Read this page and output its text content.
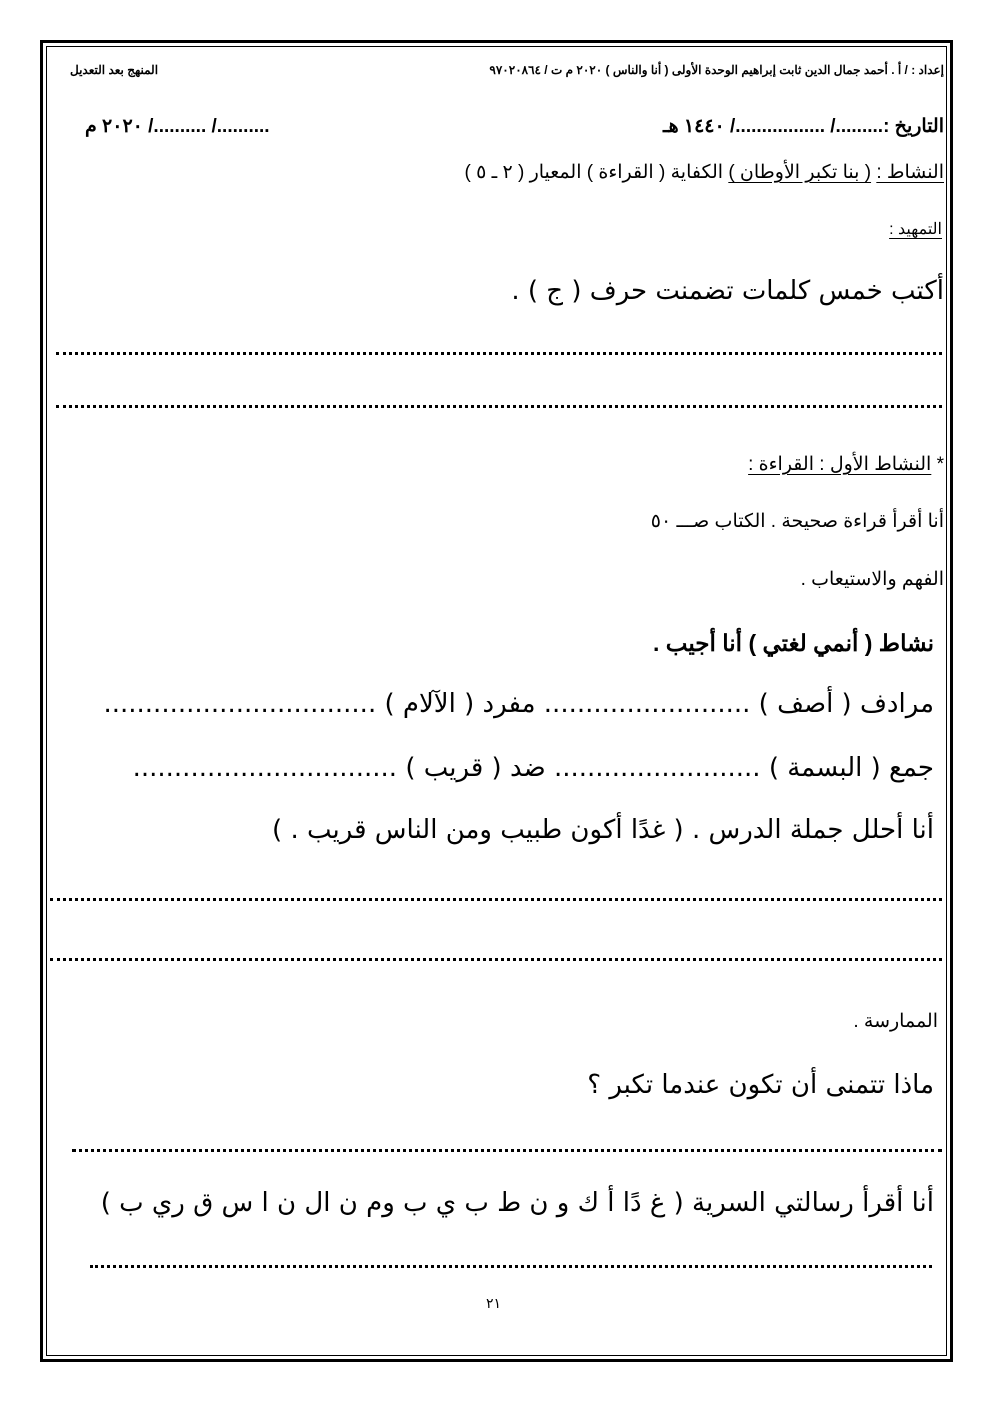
إعداد : / أ . أحمد جمال الدين ثابت إبراهيم الوحدة الأولى ( أنا والناس ) ٢٠٢٠ م ت / ٩٧٠٢٠٨٦٤
المنهج بعد التعديل
التاريخ :........./ ................./ ١٤٤٠ هـ
........../ ........../ ٢٠٢٠ م
النشاط : ( بنا تكبر الأوطان ) الكفاية ( القراءة ) المعيار ( ٢ ـ ٥ )
التمهيد :
أكتب خمس كلمات تضمنت حرف ( ج ) .
* النشاط الأول : القراءة :
أنا أقرأ قراءة صحيحة . الكتاب صـــ ٥٠
الفهم والاستيعاب .
نشاط ( أنمي لغتي ) أنا أجيب .
مرادف ( أصف ) ......................... مفرد ( الآلام ) .................................
جمع ( البسمة ) ......................... ضد ( قريب ) ................................
أنا أحلل جملة الدرس . ( غدًا أكون طبيب ومن الناس قريب . )
الممارسة .
ماذا تتمنى أن تكون عندما تكبر ؟
أنا أقرأ رسالتي السرية ( غ دًا أ ك و ن ط ب ي ب وم ن ال ن ا س ق ري ب )
٢١
